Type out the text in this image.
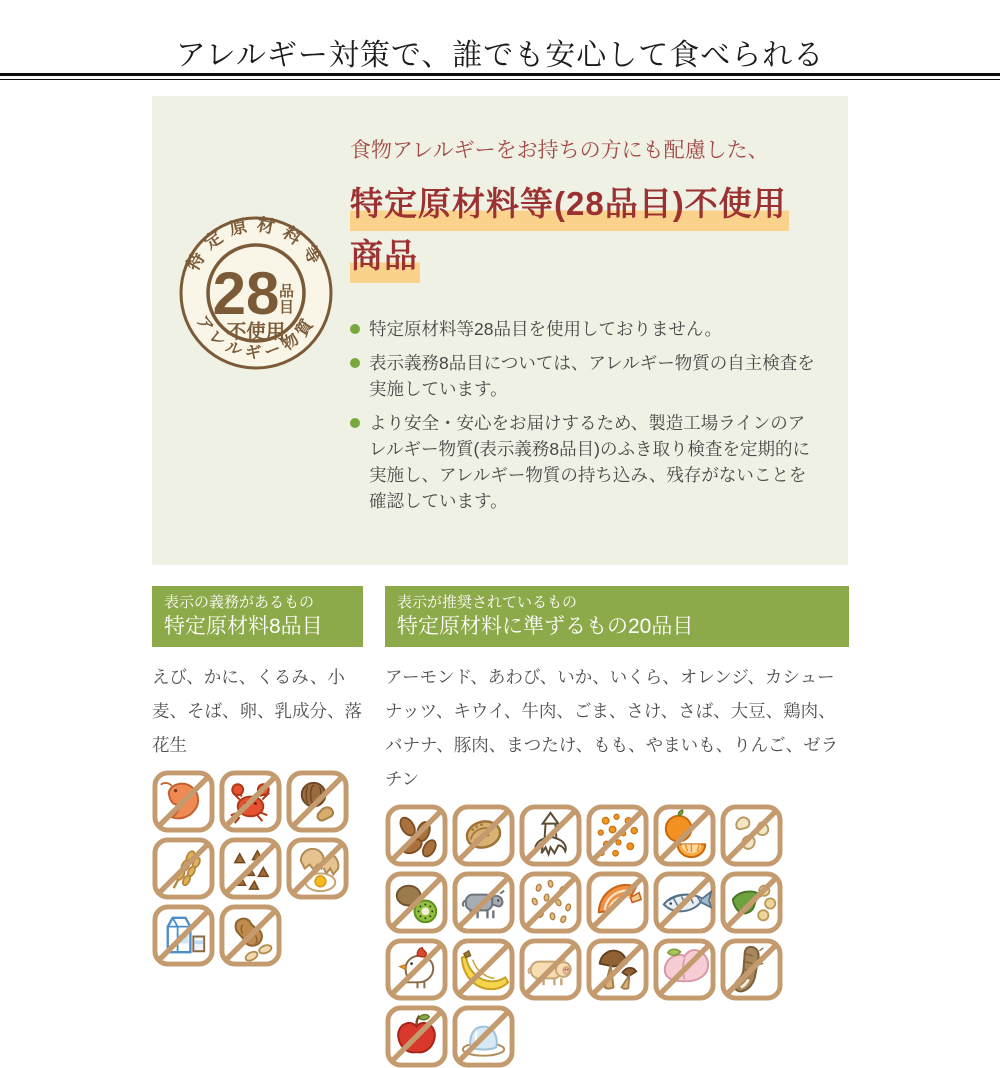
アレルギー対策で、誰でも安心して食べられる
特定原材料等
アレルギー物質
28 品
目
不使用

食物アレルギーをお持ちの方にも配慮した、

特定原材料等(28品目)不使用商品
特定原材料等28品目を使用しておりません。
表示義務8品目については、アレルギー物質の自主検査を実施しています。
より安全・安心をお届けするため、製造工場ラインのアレルギー物質(表示義務8品目)のふき取り検査を定期的に実施し、アレルギー物質の持ち込み、残存がないことを確認しています。
表示の義務があるもの
特定原材料8品目

えび、かに、くるみ、小麦、そば、卵、乳成分、落花生

表示が推奨されているもの
特定原材料に準ずるもの20品目

アーモンド、あわび、いか、いくら、オレンジ、カシューナッツ、キウイ、牛肉、ごま、さけ、さば、大豆、鶏肉、バナナ、豚肉、まつたけ、もも、やまいも、りんご、ゼラチン
